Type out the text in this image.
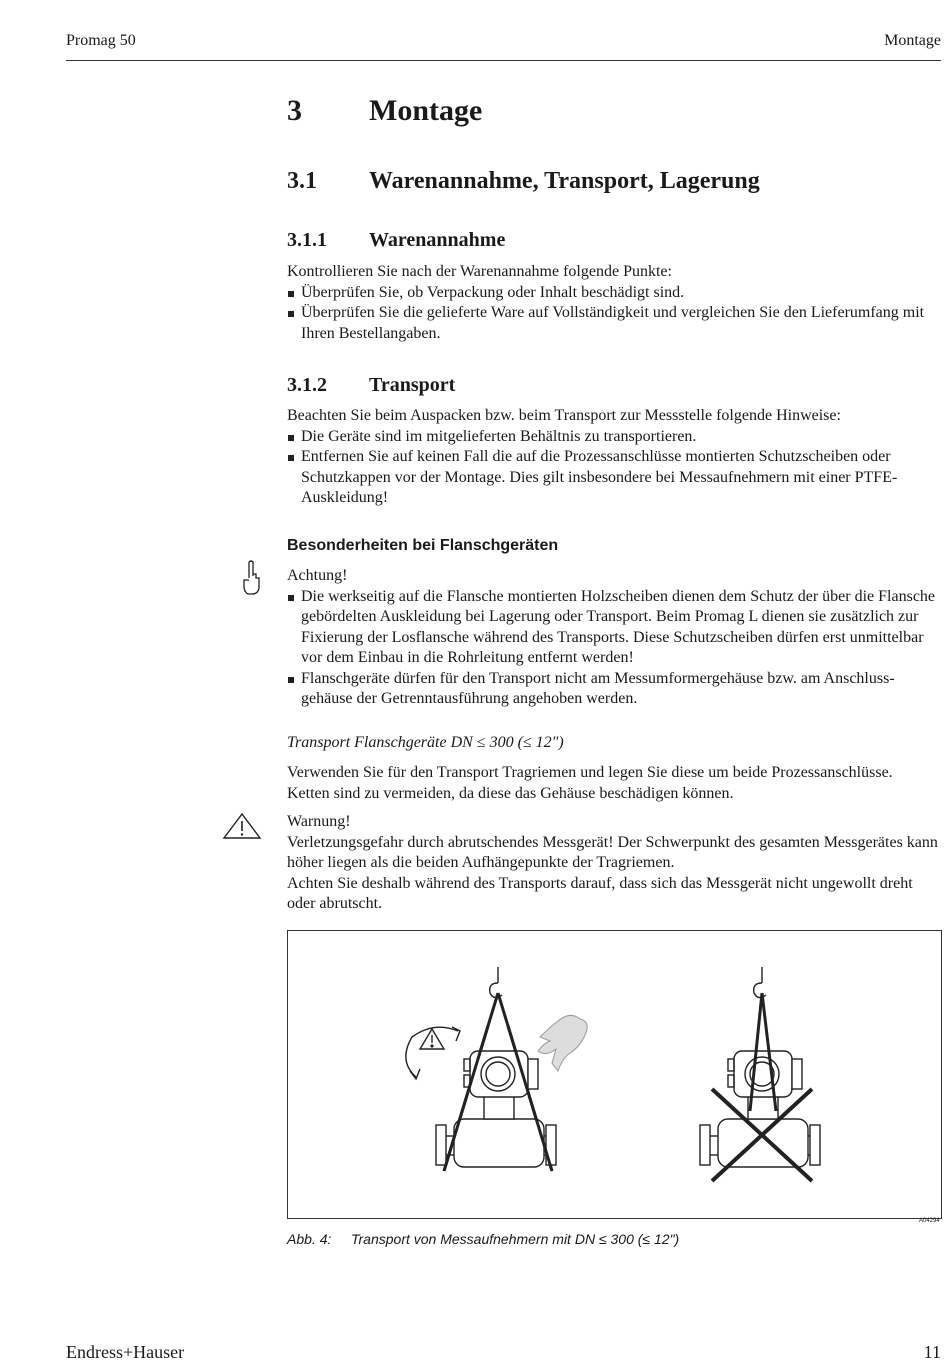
Promag 50	Montage
3 Montage
3.1 Warenannahme, Transport, Lagerung
3.1.1 Warenannahme
Kontrollieren Sie nach der Warenannahme folgende Punkte:
Überprüfen Sie, ob Verpackung oder Inhalt beschädigt sind.
Überprüfen Sie die gelieferte Ware auf Vollständigkeit und vergleichen Sie den Lieferumfang mit Ihren Bestellangaben.
3.1.2 Transport
Beachten Sie beim Auspacken bzw. beim Transport zur Messstelle folgende Hinweise:
Die Geräte sind im mitgelieferten Behältnis zu transportieren.
Entfernen Sie auf keinen Fall die auf die Prozessanschlüsse montierten Schutzscheiben oder Schutzkappen vor der Montage. Dies gilt insbesondere bei Messaufnehmern mit einer PTFE-Auskleidung!
Besonderheiten bei Flanschgeräten
Achtung!
Die werkseitig auf die Flansche montierten Holzscheiben dienen dem Schutz der über die Flansche gebördelten Auskleidung bei Lagerung oder Transport. Beim Promag L dienen sie zusätzlich zur Fixierung der Losflansche während des Transports. Diese Schutzscheiben dürfen erst unmittelbar vor dem Einbau in die Rohrleitung entfernt werden!
Flanschgeräte dürfen für den Transport nicht am Messumformergehäuse bzw. am Anschluss-gehäuse der Getrenntausführung angehoben werden.
Transport Flanschgeräte DN ≤ 300 (≤ 12")
Verwenden Sie für den Transport Tragriemen und legen Sie diese um beide Prozessanschlüsse. Ketten sind zu vermeiden, da diese das Gehäuse beschädigen können.
Warnung!
Verletzungsgefahr durch abrutschendes Messgerät! Der Schwerpunkt des gesamten Messgerätes kann höher liegen als die beiden Aufhängepunkte der Tragriemen.
Achten Sie deshalb während des Transports darauf, dass sich das Messgerät nicht ungewollt dreht oder abrutscht.
A04294
Abb. 4: Transport von Messaufnehmern mit DN ≤ 300 (≤ 12")
Endress+Hauser	11
